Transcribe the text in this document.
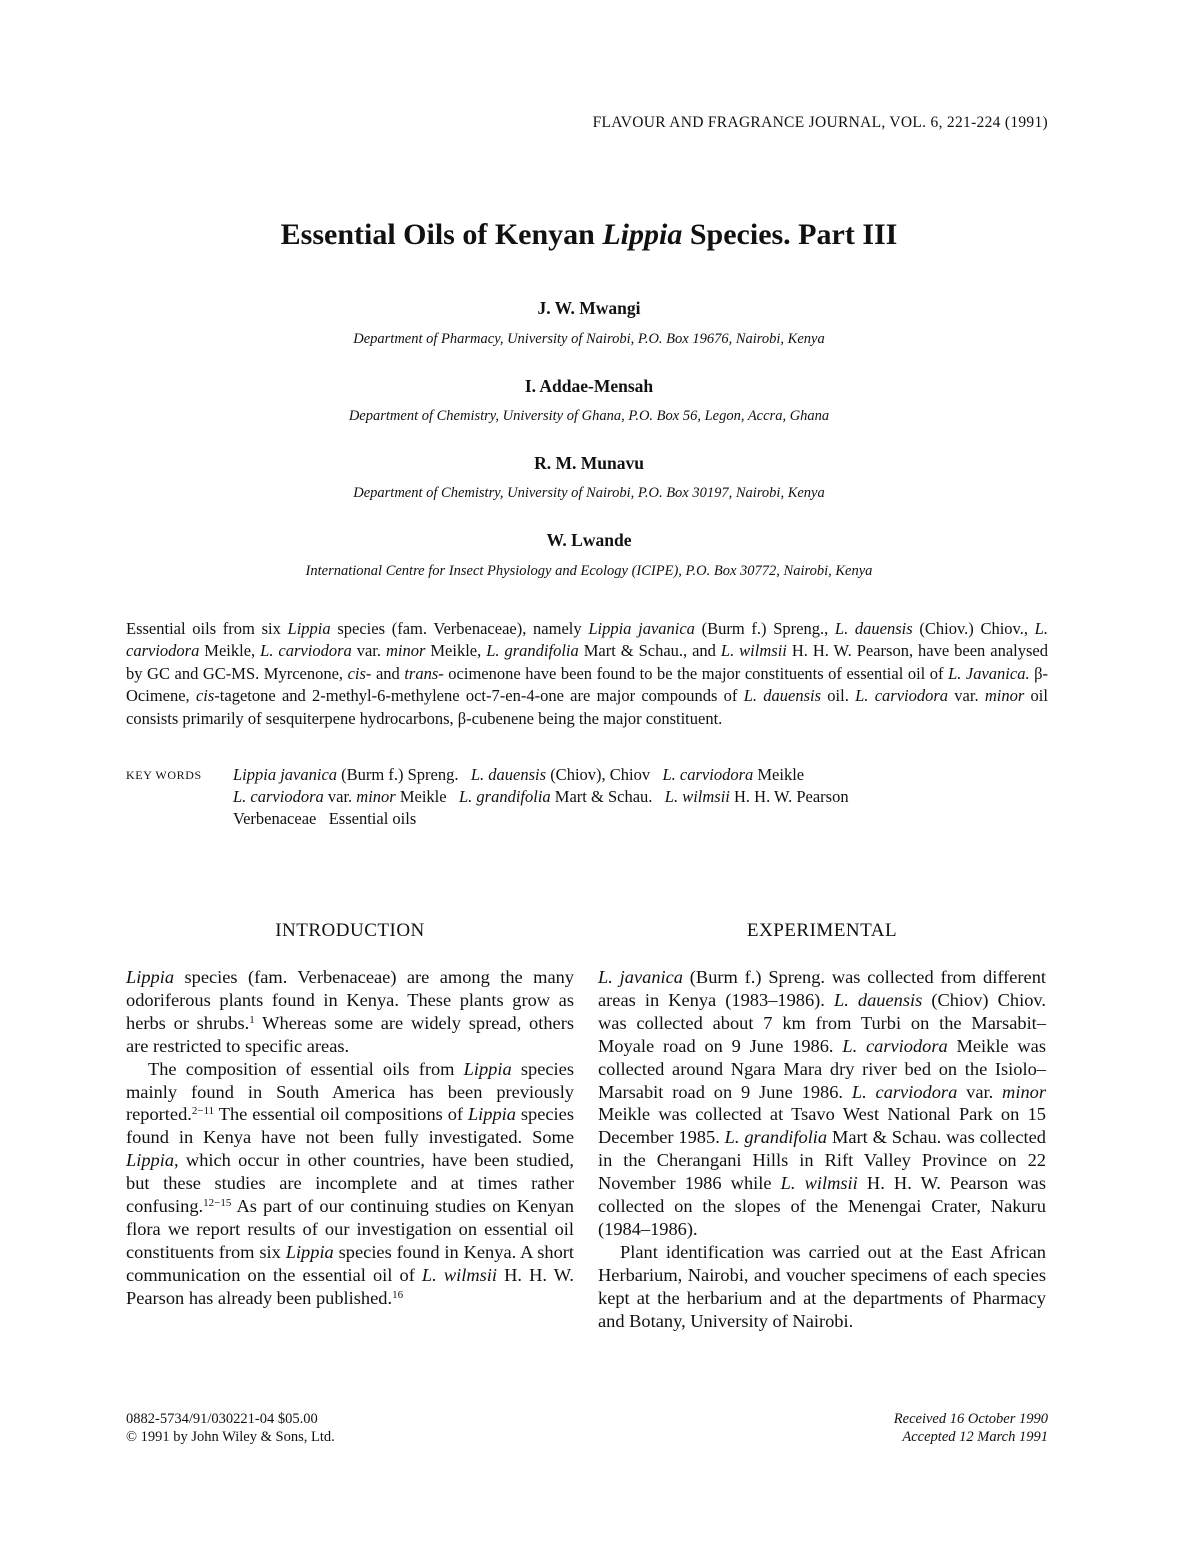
FLAVOUR AND FRAGRANCE JOURNAL, VOL. 6, 221-224 (1991)
Essential Oils of Kenyan Lippia Species. Part III
J. W. Mwangi
Department of Pharmacy, University of Nairobi, P.O. Box 19676, Nairobi, Kenya
I. Addae-Mensah
Department of Chemistry, University of Ghana, P.O. Box 56, Legon, Accra, Ghana
R. M. Munavu
Department of Chemistry, University of Nairobi, P.O. Box 30197, Nairobi, Kenya
W. Lwande
International Centre for Insect Physiology and Ecology (ICIPE), P.O. Box 30772, Nairobi, Kenya
Essential oils from six Lippia species (fam. Verbenaceae), namely Lippia javanica (Burm f.) Spreng., L. dauensis (Chiov.) Chiov., L. carviodora Meikle, L. carviodora var. minor Meikle, L. grandifolia Mart & Schau., and L. wilmsii H. H. W. Pearson, have been analysed by GC and GC-MS. Myrcenone, cis- and trans- ocimenone have been found to be the major constituents of essential oil of L. Javanica. β-Ocimene, cis-tagetone and 2-methyl-6-methylene oct-7-en-4-one are major compounds of L. dauensis oil. L. carviodora var. minor oil consists primarily of sesquiterpene hydrocarbons, β-cubenene being the major constituent.
KEY WORDS Lippia javanica (Burm f.) Spreng.   L. dauensis (Chiov), Chiov   L. carviodora Meikle
L. carviodora var. minor Meikle   L. grandifolia Mart & Schau.   L. wilmsii H. H. W. Pearson
Verbenaceae   Essential oils
INTRODUCTION	EXPERIMENTAL

Lippia species (fam. Verbenaceae) are among the many odoriferous plants found in Kenya. These plants grow as herbs or shrubs.$^1$ Whereas some are widely spread, others are restricted to specific areas.

The composition of essential oils from Lippia species mainly found in South America has been previously reported.$^{2-11}$ The essential oil compositions of Lippia species found in Kenya have not been fully investigated. Some Lippia, which occur in other countries, have been studied, but these studies are incomplete and at times rather confusing.$^{12-15}$ As part of our continuing studies on Kenyan flora we report results of our investigation on essential oil constituents from six Lippia species found in Kenya. A short communication on the essential oil of L. wilmsii H. H. W. Pearson has already been published.$^{16}$

L. javanica (Burm f.) Spreng. was collected from different areas in Kenya (1983–1986). L. dauensis (Chiov) Chiov. was collected about 7 km from Turbi on the Marsabit–Moyale road on 9 June 1986. L. carviodora Meikle was collected around Ngara Mara dry river bed on the Isiolo–Marsabit road on 9 June 1986. L. carviodora var. minor Meikle was collected at Tsavo West National Park on 15 December 1985. L. grandifolia Mart & Schau. was collected in the Cherangani Hills in Rift Valley Province on 22 November 1986 while L. wilmsii H. H. W. Pearson was collected on the slopes of the Menengai Crater, Nakuru (1984–1986).

Plant identification was carried out at the East African Herbarium, Nairobi, and voucher specimens of each species kept at the herbarium and at the departments of Pharmacy and Botany, University of Nairobi.

0882-5734/91/030221-04 $05.00
© 1991 by John Wiley & Sons, Ltd.
Received 16 October 1990
Accepted 12 March 1991
